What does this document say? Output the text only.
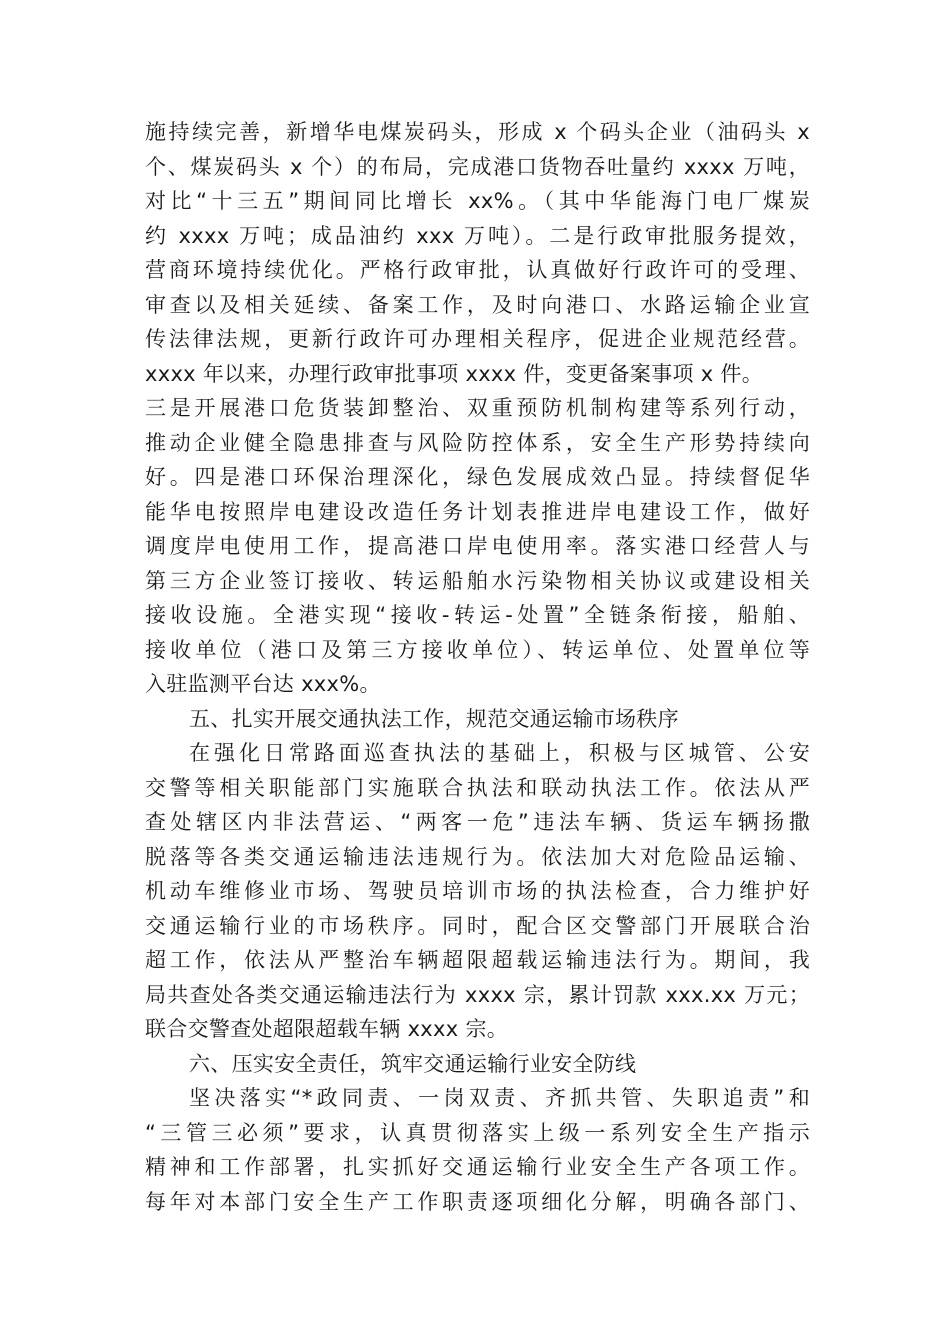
施持续完善，新增华电煤炭码头，形成 x 个码头企业（油码头 x
个、煤炭码头 x 个）的布局，完成港口货物吞吐量约 xxxx 万吨，
对比“十三五”期间同比增长 xx%。（其中华能海门电厂煤炭
约 xxxx 万吨；成品油约 xxx 万吨）。二是行政审批服务提效，
营商环境持续优化。严格行政审批，认真做好行政许可的受理、
审查以及相关延续、备案工作，及时向港口、水路运输企业宣
传法律法规，更新行政许可办理相关程序，促进企业规范经营。
xxxx 年以来，办理行政审批事项 xxxx 件，变更备案事项 x 件。
三是开展港口危货装卸整治、双重预防机制构建等系列行动，
推动企业健全隐患排查与风险防控体系，安全生产形势持续向
好。四是港口环保治理深化，绿色发展成效凸显。持续督促华
能华电按照岸电建设改造任务计划表推进岸电建设工作，做好
调度岸电使用工作，提高港口岸电使用率。落实港口经营人与
第三方企业签订接收、转运船舶水污染物相关协议或建设相关
接收设施。全港实现“接收-转运-处置”全链条衔接，船舶、
接收单位（港口及第三方接收单位）、转运单位、处置单位等
入驻监测平台达 xxx%。
五、扎实开展交通执法工作，规范交通运输市场秩序
在强化日常路面巡查执法的基础上，积极与区城管、公安
交警等相关职能部门实施联合执法和联动执法工作。依法从严
查处辖区内非法营运、“两客一危”违法车辆、货运车辆扬撒
脱落等各类交通运输违法违规行为。依法加大对危险品运输、
机动车维修业市场、驾驶员培训市场的执法检查，合力维护好
交通运输行业的市场秩序。同时，配合区交警部门开展联合治
超工作，依法从严整治车辆超限超载运输违法行为。期间，我
局共查处各类交通运输违法行为 xxxx 宗，累计罚款 xxx.xx 万元；
联合交警查处超限超载车辆 xxxx 宗。
六、压实安全责任，筑牢交通运输行业安全防线
坚决落实“*政同责、一岗双责、齐抓共管、失职追责”和
“三管三必须”要求，认真贯彻落实上级一系列安全生产指示
精神和工作部署，扎实抓好交通运输行业安全生产各项工作。
每年对本部门安全生产工作职责逐项细化分解，明确各部门、
